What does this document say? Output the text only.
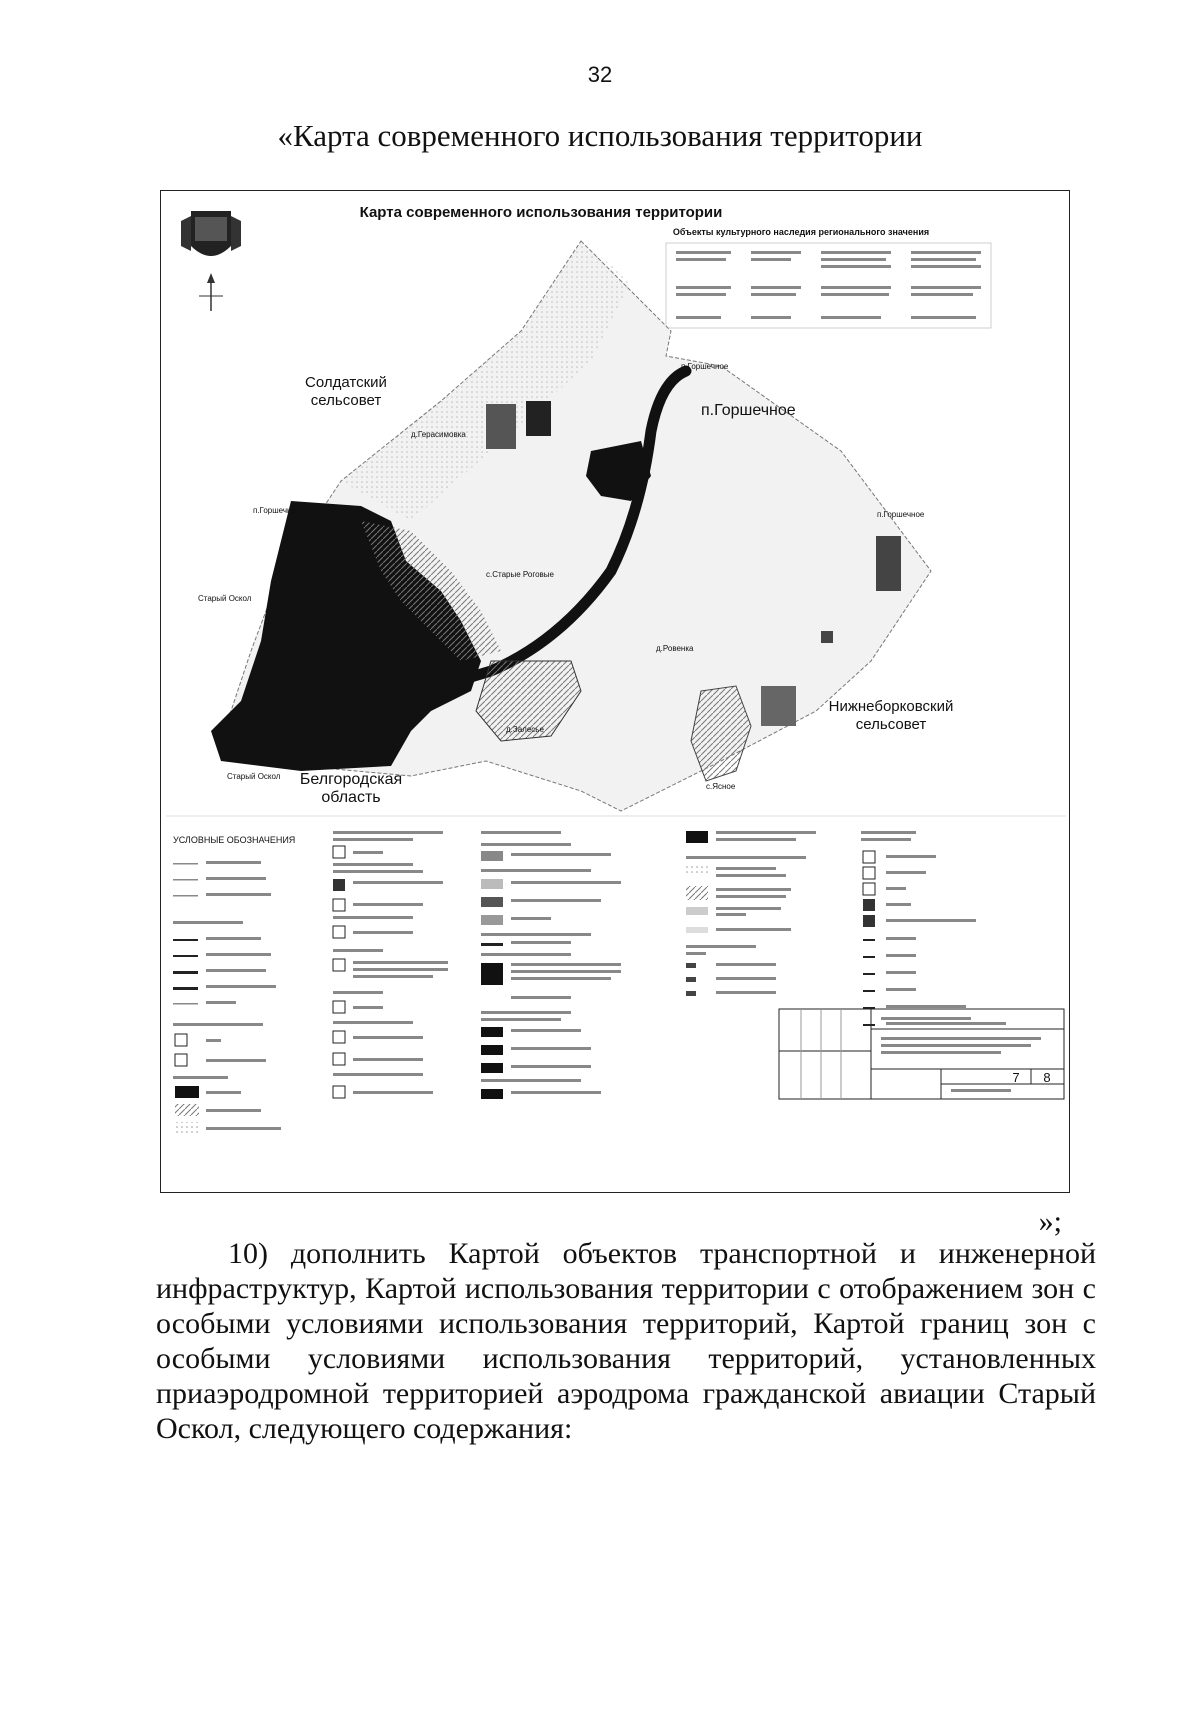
32
«Карта современного использования территории
Карта современного использования территории
Объекты культурного наследия регионального значения
Солдатский
сельсовет
п.Горшечное
п.Горшечное
д.Герасимовка
п.Горшечное
Старый Оскол
с.Старые Роговые
п.Горшечное
д.Ровенка
Нижнеборковский
сельсовет
д.Залесье
Старый Оскол Белгородская
область
с.Ясное
УСЛОВНЫЕ ОБОЗНАЧЕНИЯ
7 8
»;

10) дополнить Картой объектов транспортной и инженерной инфраструктур, Картой использования территории с отображением зон с особыми условиями использования территорий, Картой границ зон с особыми условиями использования территорий, установленных приаэродромной территорией аэродрома гражданской авиации Старый Оскол, следующего содержания:
